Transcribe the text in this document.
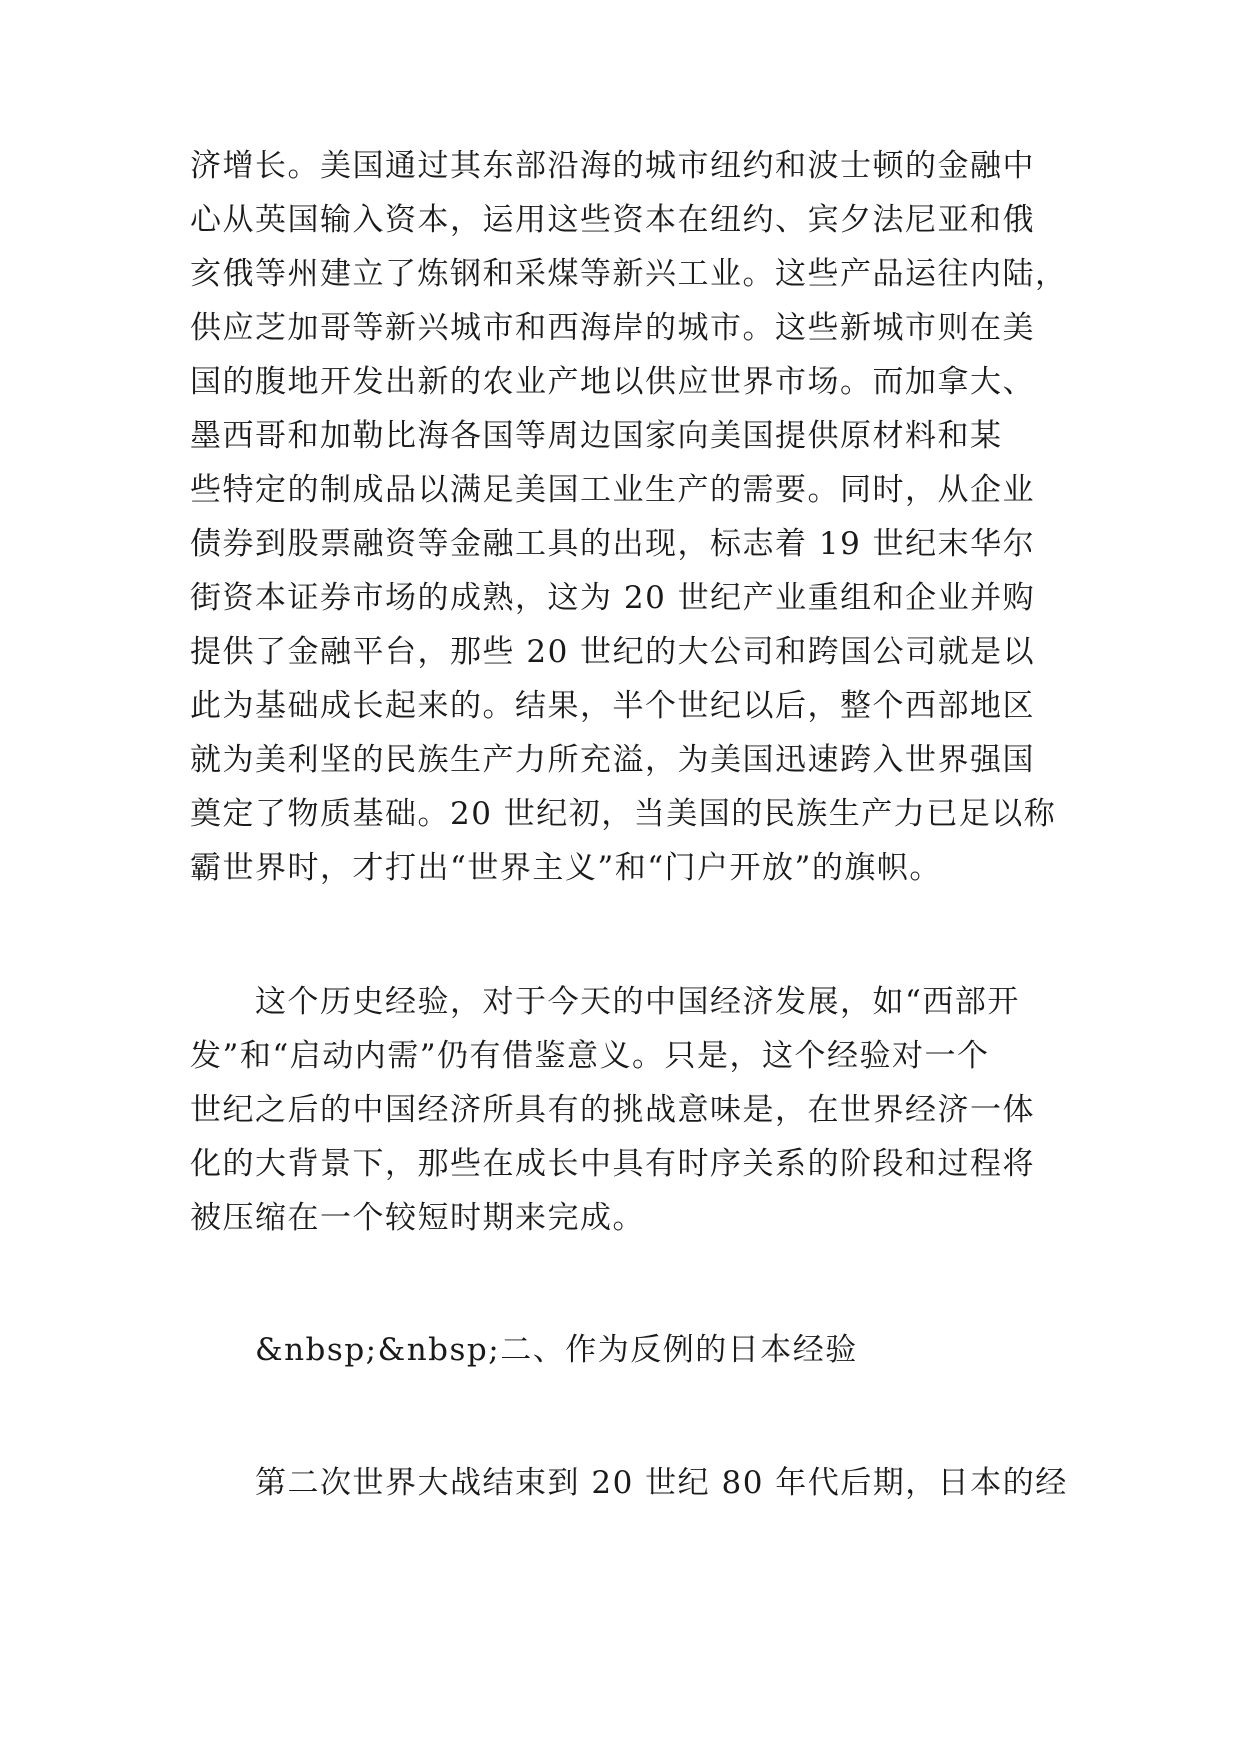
济增长。美国通过其东部沿海的城市纽约和波士顿的金融中
心从英国输入资本，运用这些资本在纽约、宾夕法尼亚和俄
亥俄等州建立了炼钢和采煤等新兴工业。这些产品运往内陆，
供应芝加哥等新兴城市和西海岸的城市。这些新城市则在美
国的腹地开发出新的农业产地以供应世界市场。而加拿大、
墨西哥和加勒比海各国等周边国家向美国提供原材料和某
些特定的制成品以满足美国工业生产的需要。同时，从企业
债券到股票融资等金融工具的出现，标志着 19 世纪末华尔
街资本证券市场的成熟，这为 20 世纪产业重组和企业并购
提供了金融平台，那些 20 世纪的大公司和跨国公司就是以
此为基础成长起来的。结果，半个世纪以后，整个西部地区
就为美利坚的民族生产力所充溢，为美国迅速跨入世界强国
奠定了物质基础。20 世纪初，当美国的民族生产力已足以称
霸世界时，才打出“世界主义”和“门户开放”的旗帜。
这个历史经验，对于今天的中国经济发展，如“西部开
发”和“启动内需”仍有借鉴意义。只是，这个经验对一个
世纪之后的中国经济所具有的挑战意味是，在世界经济一体
化的大背景下，那些在成长中具有时序关系的阶段和过程将
被压缩在一个较短时期来完成。
&nbsp;&nbsp;二、作为反例的日本经验
第二次世界大战结束到 20 世纪 80 年代后期，日本的经
